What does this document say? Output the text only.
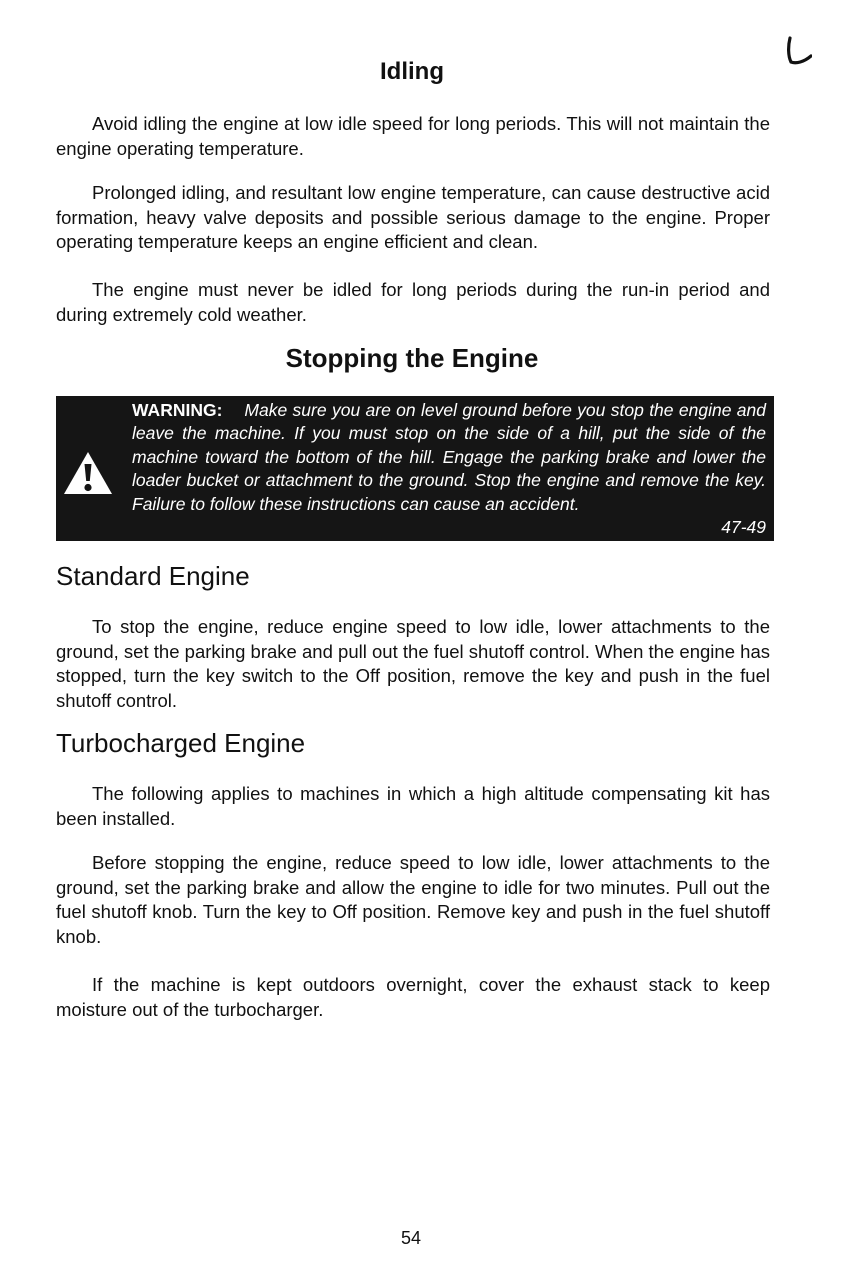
Idling

Avoid idling the engine at low idle speed for long periods. This will not maintain the engine operating temperature.

Prolonged idling, and resultant low engine temperature, can cause destructive acid formation, heavy valve deposits and possible serious damage to the engine. Proper operating temperature keeps an engine efficient and clean.

The engine must never be idled for long periods during the run-in period and during extremely cold weather.

Stopping the Engine

WARNING: Make sure you are on level ground before you stop the engine and leave the machine. If you must stop on the side of a hill, put the side of the machine toward the bottom of the hill. Engage the parking brake and lower the loader bucket or attachment to the ground. Stop the engine and remove the key. Failure to follow these instructions can cause an accident.

47-49
Standard Engine

To stop the engine, reduce engine speed to low idle, lower attachments to the ground, set the parking brake and pull out the fuel shutoff control. When the engine has stopped, turn the key switch to the Off position, remove the key and push in the fuel shutoff control.

Turbocharged Engine

The following applies to machines in which a high altitude compensating kit has been installed.

Before stopping the engine, reduce speed to low idle, lower attachments to the ground, set the parking brake and allow the engine to idle for two minutes. Pull out the fuel shutoff knob. Turn the key to Off position. Remove key and push in the fuel shutoff knob.

If the machine is kept outdoors overnight, cover the exhaust stack to keep moisture out of the turbocharger.

54
